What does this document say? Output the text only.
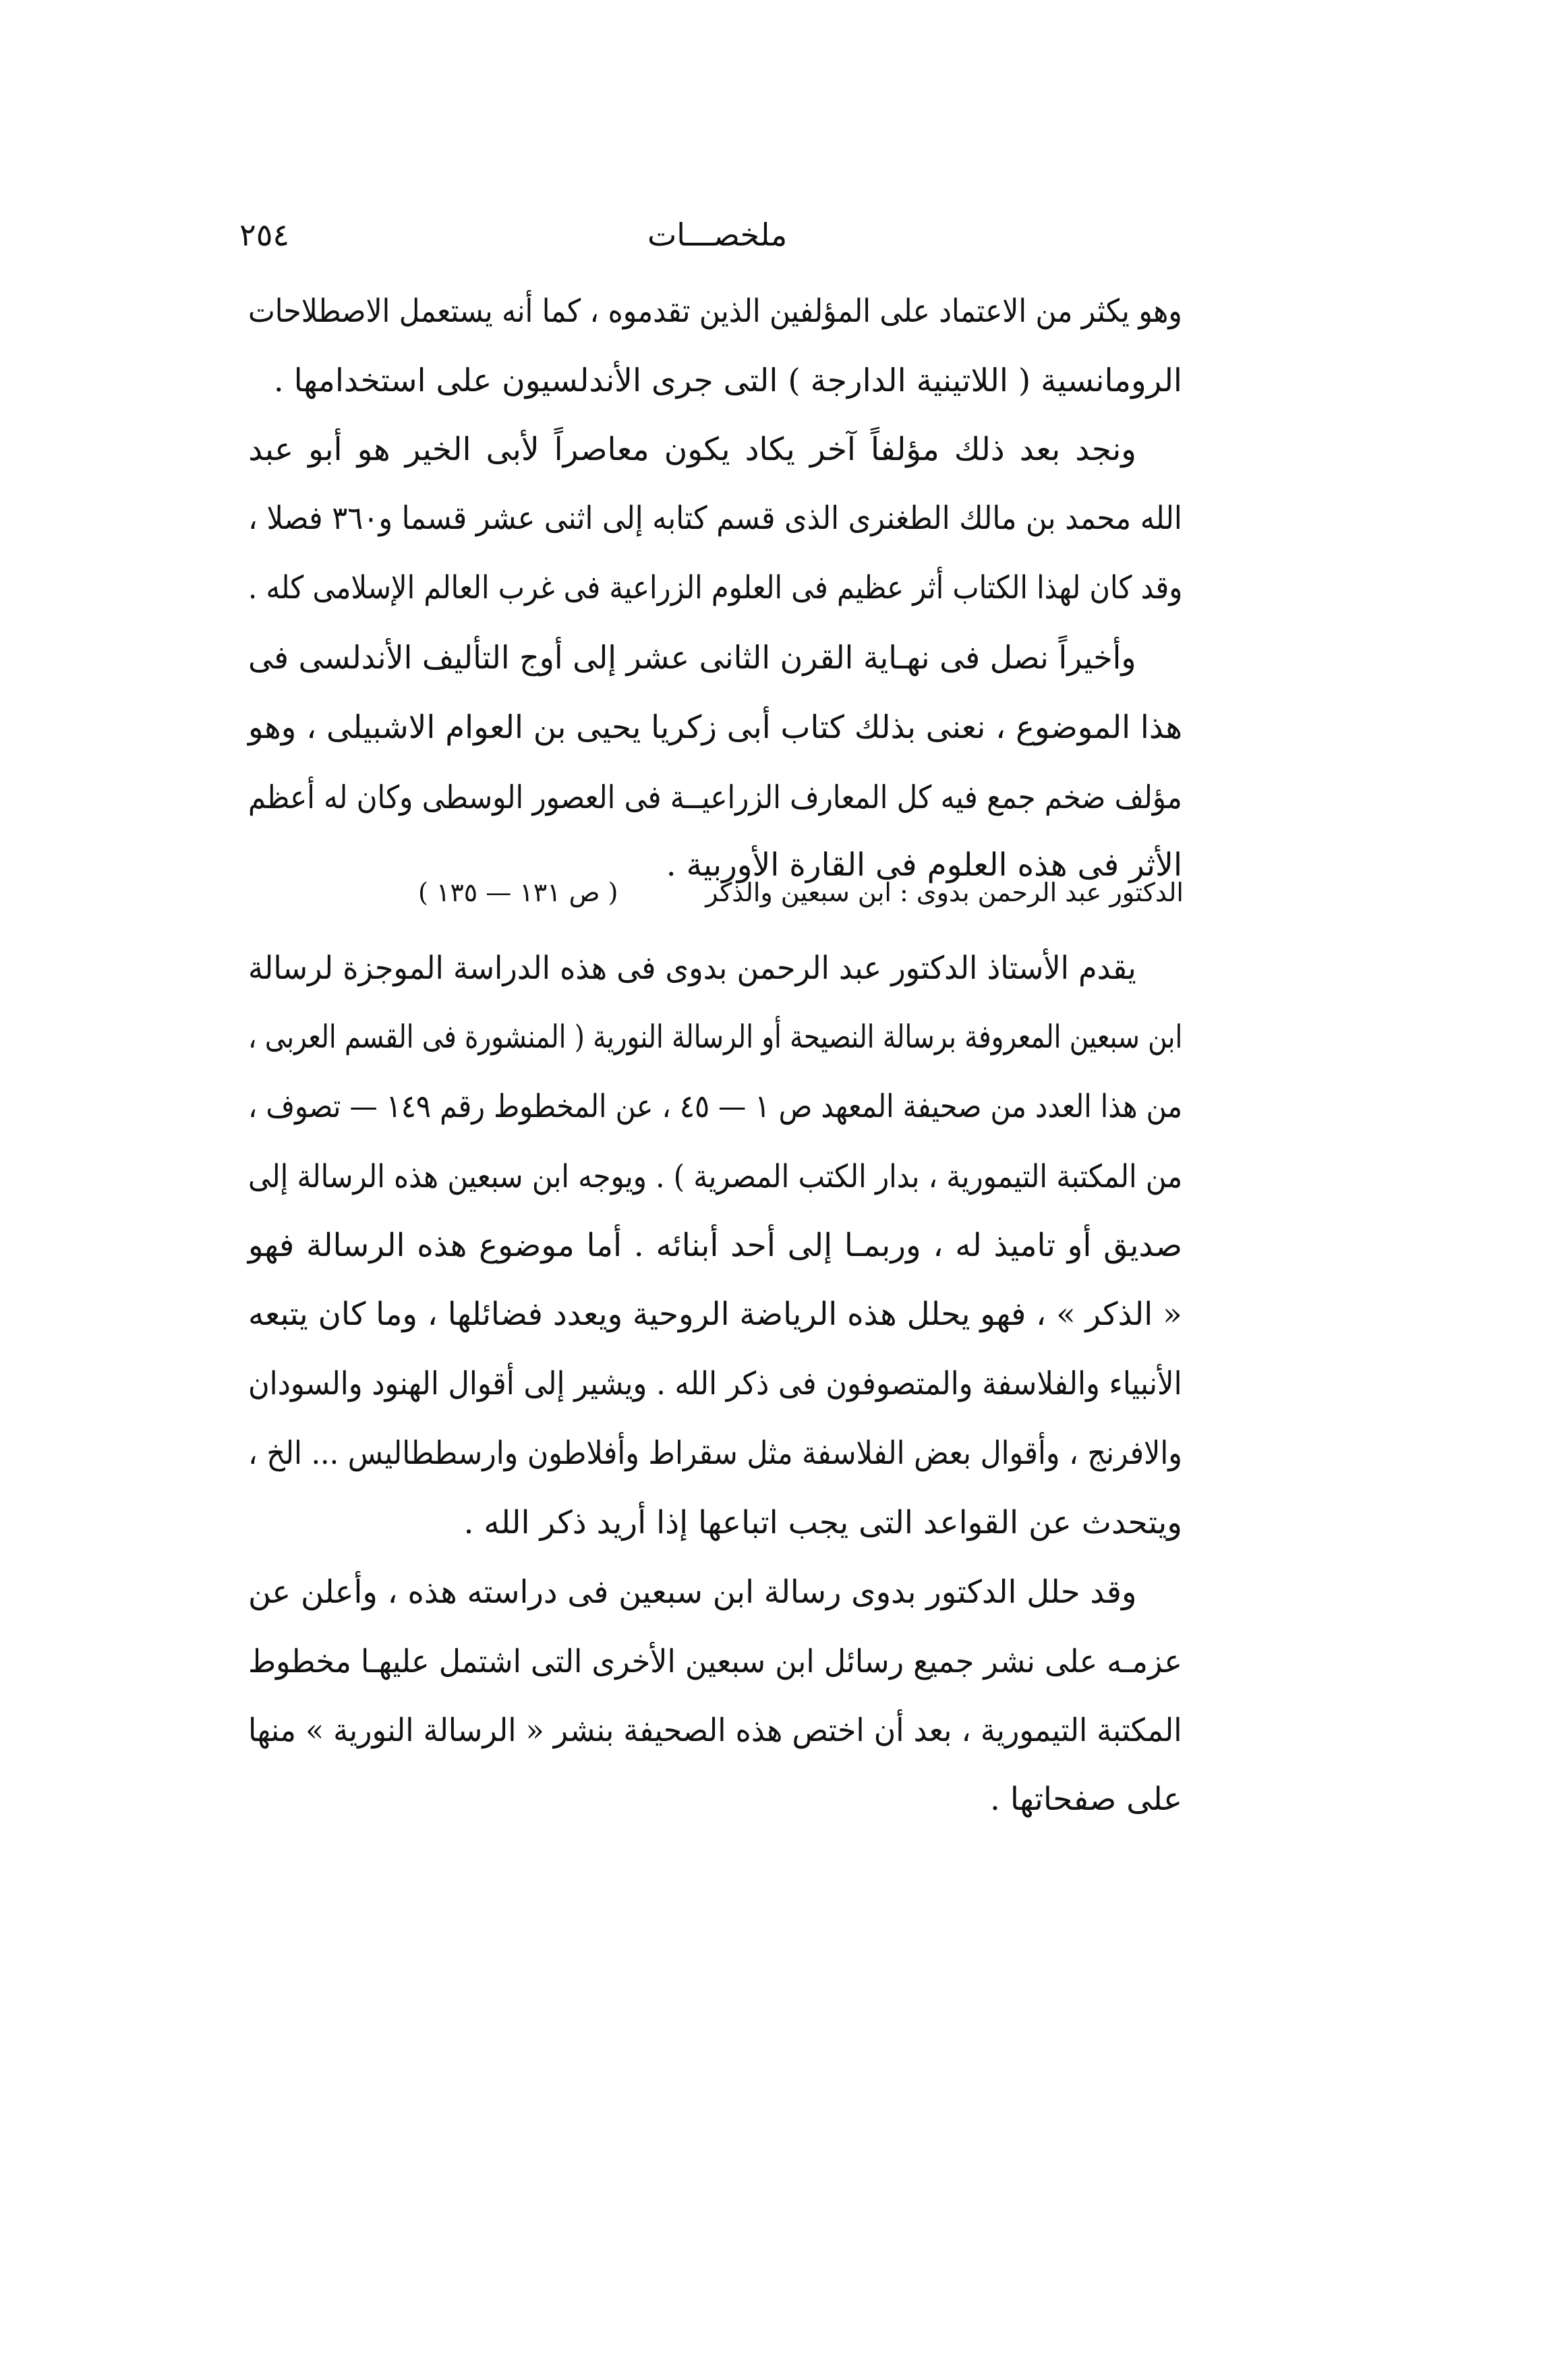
٢٥٤	ملخصـــات
وهو يكثر من الاعتماد على المؤلفين الذين تقدموه ، كما أنه يستعمل الاصطلاحات
الرومانسية ( اللاتينية الدارجة ) التى جرى الأندلسيون على استخدامها .
ونجد بعد ذلك مؤلفاً آخر يكاد يكون معاصراً لأبى الخير هو أبو عبد
الله محمد بن مالك الطغنرى الذى قسم كتابه إلى اثنى عشر قسما و٣٦٠ فصلا ،
وقد كان لهذا الكتاب أثر عظيم فى العلوم الزراعية فى غرب العالم الإسلامى كله .
وأخيراً نصل فى نهـاية القرن الثانى عشر إلى أوج التأليف الأندلسى فى
هذا الموضوع ، نعنى بذلك كتاب أبى زكريا يحيى بن العوام الاشبيلى ، وهو
مؤلف ضخم جمع فيه كل المعارف الزراعيــة فى العصور الوسطى وكان له أعظم
الأثر فى هذه العلوم فى القارة الأوربية .
الدكتور عبد الرحمن بدوى : ابن سبعين والذكر
( ص ١٣١ — ١٣٥ )
يقدم الأستاذ الدكتور عبد الرحمن بدوى فى هذه الدراسة الموجزة لرسالة
ابن سبعين المعروفة برسالة النصيحة أو الرسالة النورية ( المنشورة فى القسم العربى ،
من هذا العدد من صحيفة المعهد ص ١ — ٤٥ ، عن المخطوط رقم ١٤٩ — تصوف ،
من المكتبة التيمورية ، بدار الكتب المصرية ) . ويوجه ابن سبعين هذه الرسالة إلى
صديق أو تاميذ له ، وربمـا إلى أحد أبنائه . أما موضوع هذه الرسالة فهو
« الذكر » ، فهو يحلل هذه الرياضة الروحية ويعدد فضائلها ، وما كان يتبعه
الأنبياء والفلاسفة والمتصوفون فى ذكر الله . ويشير إلى أقوال الهنود والسودان
والافرنج ، وأقوال بعض الفلاسفة مثل سقراط وأفلاطون وارسططاليس ... الخ ،
ويتحدث عن القواعد التى يجب اتباعها إذا أريد ذكر الله .
وقد حلل الدكتور بدوى رسالة ابن سبعين فى دراسته هذه ، وأعلن عن
عزمـه على نشر جميع رسائل ابن سبعين الأخرى التى اشتمل عليهـا مخطوط
المكتبة التيمورية ، بعد أن اختص هذه الصحيفة بنشر « الرسالة النورية » منها
على صفحاتها .
